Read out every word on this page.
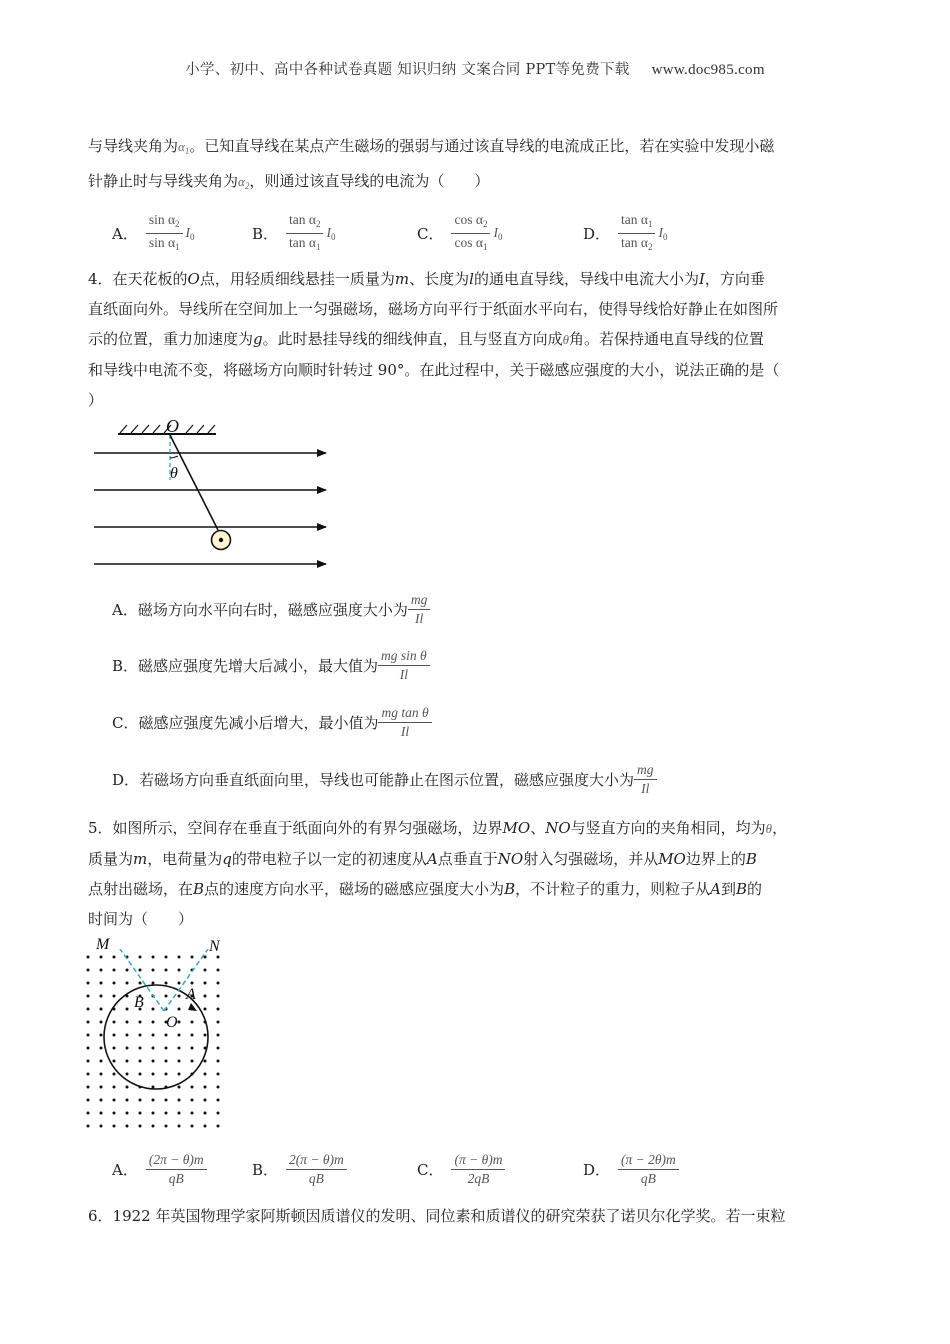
小学、初中、高中各种试卷真题 知识归纳 文案合同 PPT等免费下载 www.doc985.com
与导线夹角为$\alpha_1$。已知直导线在某点产生磁场的强弱与通过该直导线的电流成正比，若在实验中发现小磁
针静止时与导线夹角为$\alpha_2$，则通过该直导线的电流为（　　）
A． $\frac{\sin \alpha_2}{\sin \alpha_1} I_0$	B． $\frac{\tan \alpha_2}{\tan \alpha_1} I_0$	C． $\frac{\cos \alpha_2}{\cos \alpha_1} I_0$	D． $\frac{\tan \alpha_1}{\tan \alpha_2} I_0$
4．在天花板的O点，用轻质细线悬挂一质量为m、长度为l的通电直导线，导线中电流大小为I，方向垂
直纸面向外。导线所在空间加上一匀强磁场，磁场方向平行于纸面水平向右，使得导线恰好静止在如图所
示的位置，重力加速度为g。此时悬挂导线的细线伸直，且与竖直方向成θ角。若保持通电直导线的位置
和导线中电流不变，将磁场方向顺时针转过 90°。在此过程中，关于磁感应强度的大小，说法正确的是（
）
O
θ
A．磁场方向水平向右时，磁感应强度大小为 $\frac{mg}{Il}$
B．磁感应强度先增大后减小，最大值为 $\frac{\text{mg sin θ}}{Il}$
C．磁感应强度先减小后增大，最小值为 $\frac{\text{mg tan θ}}{Il}$
D．若磁场方向垂直纸面向里，导线也可能静止在图示位置，磁感应强度大小为 $\frac{mg}{Il}$
5．如图所示，空间存在垂直于纸面向外的有界匀强磁场，边界MO、NO与竖直方向的夹角相同，均为θ，
质量为m，电荷量为q的带电粒子以一定的初速度从A点垂直于NO射入匀强磁场，并从MO边界上的B
点射出磁场，在B点的速度方向水平，磁场的磁感应强度大小为B，不计粒子的重力，则粒子从A到B的
时间为（　　）
M	N
B	A
O
A． $\frac{(2\pi - \theta)m}{qB}$	B． $\frac{2(\pi - \theta)m}{qB}$	C． $\frac{(\pi - \theta)m}{2qB}$	D． $\frac{(\pi - 2\theta)m}{qB}$
6．1922 年英国物理学家阿斯顿因质谱仪的发明、同位素和质谱仪的研究荣获了诺贝尔化学奖。若一束粒
